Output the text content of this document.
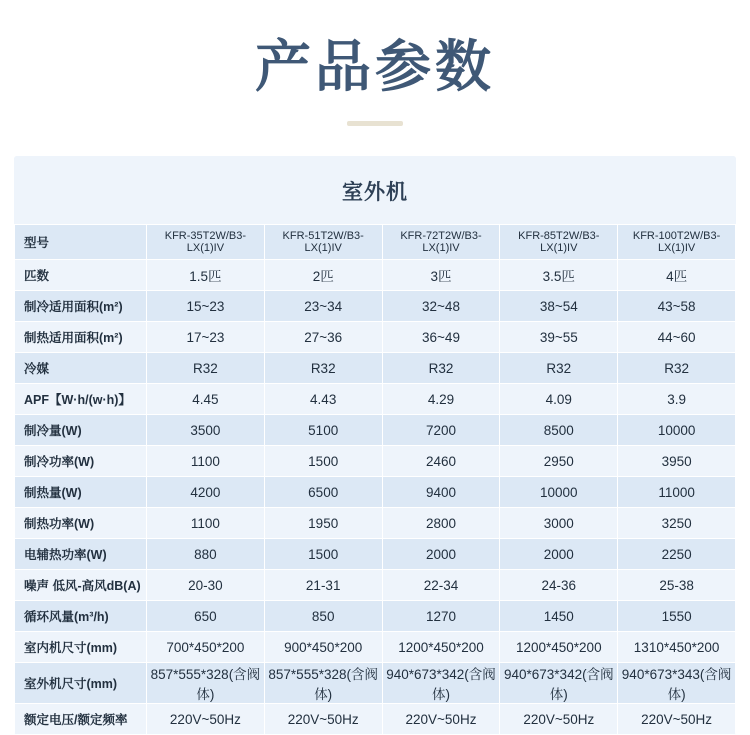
产品参数
室外机
型号	KFR-35T2W/B3-LX(1)IV	KFR-51T2W/B3-LX(1)IV	KFR-72T2W/B3-LX(1)IV	KFR-85T2W/B3-LX(1)IV	KFR-100T2W/B3-LX(1)IV
匹数	1.5匹	2匹	3匹	3.5匹	4匹
制冷适用面积(m²)	15~23	23~34	32~48	38~54	43~58
制热适用面积(m²)	17~23	27~36	36~49	39~55	44~60
冷媒	R32	R32	R32	R32	R32
APF【W·h/(w·h)】	4.45	4.43	4.29	4.09	3.9
制冷量(W)	3500	5100	7200	8500	10000
制冷功率(W)	1100	1500	2460	2950	3950
制热量(W)	4200	6500	9400	10000	11000
制热功率(W)	1100	1950	2800	3000	3250
电辅热功率(W)	880	1500	2000	2000	2250
噪声 低风-高风dB(A)	20-30	21-31	22-34	24-36	25-38
循环风量(m³/h)	650	850	1270	1450	1550
室内机尺寸(mm)	700*450*200	900*450*200	1200*450*200	1200*450*200	1310*450*200
室外机尺寸(mm)	857*555*328(含阀体)	857*555*328(含阀体)	940*673*342(含阀体)	940*673*342(含阀体)	940*673*343(含阀体)
额定电压/额定频率	220V~50Hz	220V~50Hz	220V~50Hz	220V~50Hz	220V~50Hz
